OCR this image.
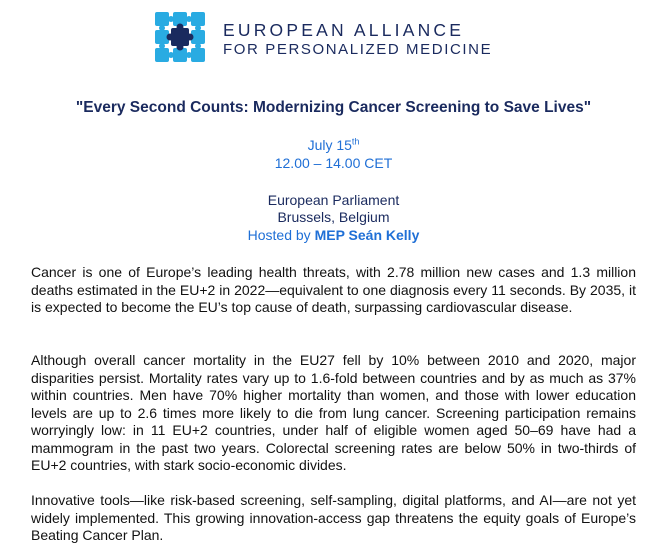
EUROPEAN ALLIANCE
FOR PERSONALIZED MEDICINE
"Every Second Counts: Modernizing Cancer Screening to Save Lives"
July 15th
12.00 – 14.00 CET
European Parliament
Brussels, Belgium
Hosted by MEP Seán Kelly
Cancer is one of Europe’s leading health threats, with 2.78 million new cases and 1.3 million deaths estimated in the EU+2 in 2022—equivalent to one diagnosis every 11 seconds. By 2035, it is expected to become the EU’s top cause of death, surpassing cardiovascular disease.
Although overall cancer mortality in the EU27 fell by 10% between 2010 and 2020, major disparities persist. Mortality rates vary up to 1.6-fold between countries and by as much as 37% within countries. Men have 70% higher mortality than women, and those with lower education levels are up to 2.6 times more likely to die from lung cancer. Screening participation remains worryingly low: in 11 EU+2 countries, under half of eligible women aged 50–69 have had a mammogram in the past two years. Colorectal screening rates are below 50% in two-thirds of EU+2 countries, with stark socio-economic divides.
Innovative tools—like risk-based screening, self-sampling, digital platforms, and AI—are not yet widely implemented. This growing innovation-access gap threatens the equity goals of Europe’s Beating Cancer Plan.
